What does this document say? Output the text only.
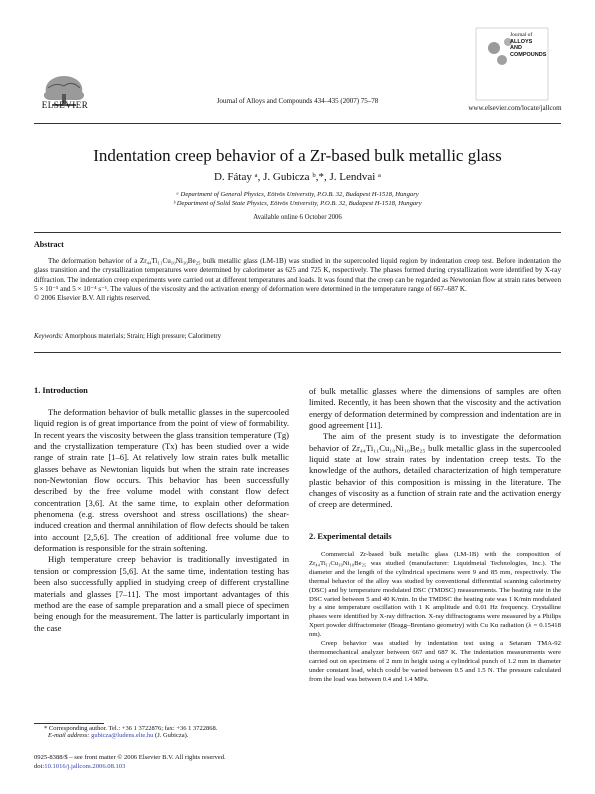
ELSEVIER	Journal of Alloys and Compounds 434–435 (2007) 75–78
Journal of
ALLOYS
AND COMPOUNDS
www.elsevier.com/locate/jallcom
Indentation creep behavior of a Zr-based bulk metallic glass
D. Fátay ᵃ, J. Gubicza ᵇ,*, J. Lendvai ᵃ
ᵃ Department of General Physics, Eötvös University, P.O.B. 32, Budapest H-1518, Hungary
ᵇ Department of Solid State Physics, Eötvös University, P.O.B. 32, Budapest H-1518, Hungary
Available online 6 October 2006
Abstract

The deformation behavior of a Zr₄₄Ti₁₁Cu₁₀Ni₁₀Be₂₅ bulk metallic glass (LM-1B) was studied in the supercooled liquid region by indentation creep test. Before indentation the glass transition and the crystallization temperatures were determined by calorimeter as 625 and 725 K, respectively. The phases formed during crystallization were identified by X-ray diffraction. The indentation creep experiments were carried out at different temperatures and loads. It was found that the creep can be regarded as Newtonian flow at strain rates between 5 × 10⁻⁵ and 5 × 10⁻⁴ s⁻¹. The values of the viscosity and the activation energy of deformation were determined in the temperature range of 667–687 K.

© 2006 Elsevier B.V. All rights reserved.

Keywords: Amorphous materials; Strain; High pressure; Calorimetry
1. Introduction

The deformation behavior of bulk metallic glasses in the supercooled liquid region is of great importance from the point of view of formability. In recent years the viscosity between the glass transition temperature (Tg) and the crystallization temperature (Tx) has been studied over a wide range of strain rate [1–6]. At relatively low strain rates bulk metallic glasses behave as Newtonian liquids but when the strain rate increases non-Newtonian flow occurs. This behavior has been successfully described by the free volume model with constant flow defect concentration [3,6]. At the same time, to explain other deformation phenomena (e.g. stress overshoot and stress oscillations) the shear-induced creation and thermal annihilation of flow defects should be taken into account [2,5,6]. The creation of additional free volume due to deformation is responsible for the strain softening.

High temperature creep behavior is traditionally investigated in tension or compression [5,6]. At the same time, indentation testing has been also successfully applied in studying creep of different crystalline materials and glasses [7–11]. The most important advantages of this method are the ease of sample preparation and a small piece of specimen being enough for the measurement. The latter is particularly important in the case

* Corresponding author. Tel.: +36 1 3722876; fax: +36 1 3722868.
E-mail address: gubicza@ludens.elte.hu (J. Gubicza).
0925-8388/$ – see front matter © 2006 Elsevier B.V. All rights reserved.
doi:10.1016/j.jallcom.2006.08.103

of bulk metallic glasses where the dimensions of samples are often limited. Recently, it has been shown that the viscosity and the activation energy of deformation determined by compression and indentation are in good agreement [11].

The aim of the present study is to investigate the deformation behavior of Zr₄₄Ti₁₁Cu₁₀Ni₁₀Be₂₅ bulk metallic glass in the supercooled liquid state at low strain rates by indentation creep tests. To the knowledge of the authors, detailed characterization of high temperature plastic behavior of this composition is missing in the literature. The changes of viscosity as a function of strain rate and the activation energy of creep are determined.

2. Experimental details

Commercial Zr-based bulk metallic glass (LM-1B) with the composition of Zr₄₄Ti₁₁Cu₁₀Ni₁₀Be₂₅ was studied (manufacturer: Liquidmetal Technologies, Inc.). The diameter and the length of the cylindrical specimens were 9 and 85 mm, respectively. The thermal behavior of the alloy was studied by conventional differential scanning calorimetry (DSC) and by temperature modulated DSC (TMDSC) measurements. The heating rate in the DSC varied between 5 and 40 K/min. In the TMDSC the heating rate was 1 K/min modulated by a sine temperature oscillation with 1 K amplitude and 0.01 Hz frequency. Crystalline phases were identified by X-ray diffraction. X-ray diffractograms were measured by a Philips Xpert powder diffractometer (Bragg–Brentano geometry) with Cu Kα radiation (λ = 0.15418 nm).

Creep behavior was studied by indentation test using a Setaram TMA-92 thermomechanical analyzer between 667 and 687 K. The indentation measurements were carried out on specimens of 2 mm in height using a cylindrical punch of 1.2 mm in diameter under constant load, which could be varied between 0.5 and 1.5 N. The pressure calculated from the load was between 0.4 and 1.4 MPa.
